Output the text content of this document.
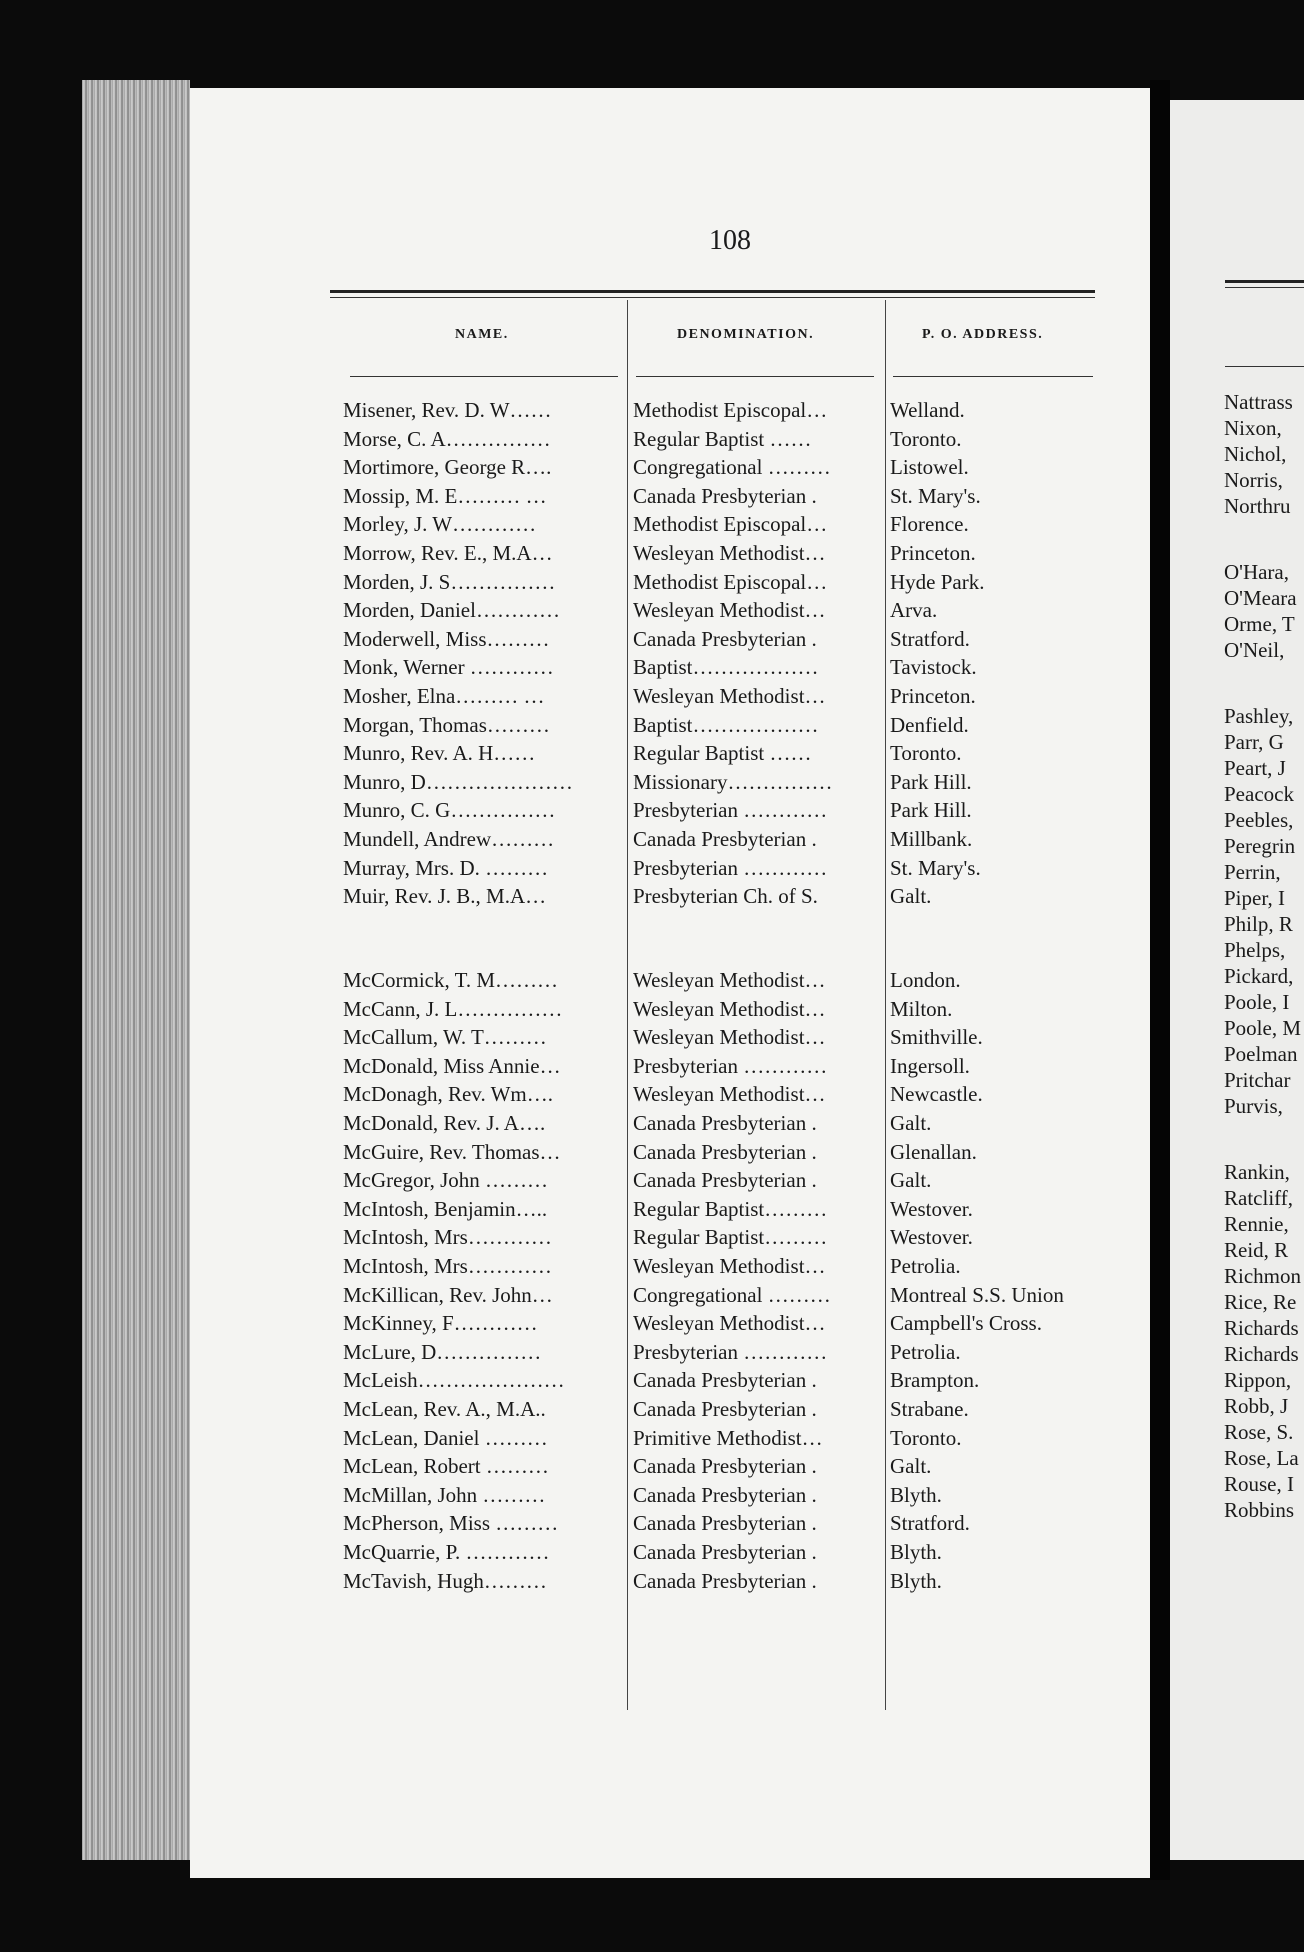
108
NAME.	DENOMINATION.	P. O. ADDRESS.
Misener, Rev. D. W……	Methodist Episcopal…	Welland.
Morse, C. A……………	Regular Baptist ……	Toronto.
Mortimore, George R….	Congregational ………	Listowel.
Mossip, M. E……… …	Canada Presbyterian .	St. Mary's.
Morley, J. W…………	Methodist Episcopal…	Florence.
Morrow, Rev. E., M.A…	Wesleyan Methodist…	Princeton.
Morden, J. S……………	Methodist Episcopal…	Hyde Park.
Morden, Daniel…………	Wesleyan Methodist…	Arva.
Moderwell, Miss………	Canada Presbyterian .	Stratford.
Monk, Werner …………	Baptist………………	Tavistock.
Mosher, Elna……… …	Wesleyan Methodist…	Princeton.
Morgan, Thomas………	Baptist………………	Denfield.
Munro, Rev. A. H……	Regular Baptist ……	Toronto.
Munro, D…………………	Missionary……………	Park Hill.
Munro, C. G……………	Presbyterian …………	Park Hill.
Mundell, Andrew………	Canada Presbyterian .	Millbank.
Murray, Mrs. D. ………	Presbyterian …………	St. Mary's.
Muir, Rev. J. B., M.A…	Presbyterian Ch. of S.	Galt.
McCormick, T. M………	Wesleyan Methodist…	London.
McCann, J. L……………	Wesleyan Methodist…	Milton.
McCallum, W. T………	Wesleyan Methodist…	Smithville.
McDonald, Miss Annie…	Presbyterian …………	Ingersoll.
McDonagh, Rev. Wm….	Wesleyan Methodist…	Newcastle.
McDonald, Rev. J. A….	Canada Presbyterian .	Galt.
McGuire, Rev. Thomas…	Canada Presbyterian .	Glenallan.
McGregor, John ………	Canada Presbyterian .	Galt.
McIntosh, Benjamin…..	Regular Baptist………	Westover.
McIntosh, Mrs…………	Regular Baptist………	Westover.
McIntosh, Mrs…………	Wesleyan Methodist…	Petrolia.
McKillican, Rev. John…	Congregational ………	Montreal S.S. Union
McKinney, F…………	Wesleyan Methodist…	Campbell's Cross.
McLure, D……………	Presbyterian …………	Petrolia.
McLeish…………………	Canada Presbyterian .	Brampton.
McLean, Rev. A., M.A..	Canada Presbyterian .	Strabane.
McLean, Daniel ………	Primitive Methodist…	Toronto.
McLean, Robert ………	Canada Presbyterian .	Galt.
McMillan, John ………	Canada Presbyterian .	Blyth.
McPherson, Miss ………	Canada Presbyterian .	Stratford.
McQuarrie, P. …………	Canada Presbyterian .	Blyth.
McTavish, Hugh………	Canada Presbyterian .	Blyth.
Nattrass
Nixon,
Nichol,
Norris,
Northru
O'Hara,
O'Meara
Orme, T
O'Neil,
Pashley,
Parr, G
Peart, J
Peacock
Peebles,
Peregrin
Perrin,
Piper, I
Philp, R
Phelps,
Pickard,
Poole, I
Poole, M
Poelman
Pritchar
Purvis,
Rankin,
Ratcliff,
Rennie,
Reid, R
Richmon
Rice, Re
Richards
Richards
Rippon,
Robb, J
Rose, S.
Rose, La
Rouse, I
Robbins
